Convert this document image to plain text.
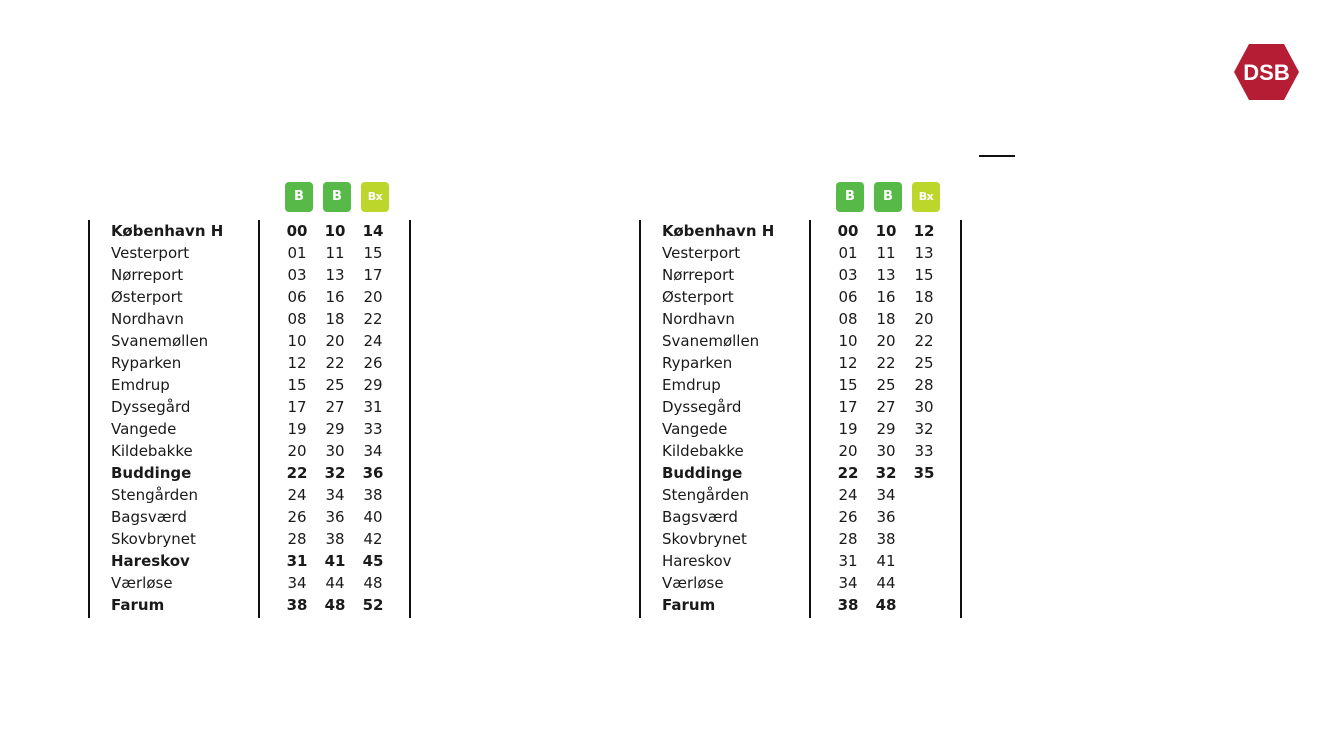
DSB
B	B	Bx
København H	00	10	14
Vesterport	01	11	15
Nørreport	03	13	17
Østerport	06	16	20
Nordhavn	08	18	22
Svanemøllen	10	20	24
Ryparken	12	22	26
Emdrup	15	25	29
Dyssegård	17	27	31
Vangede	19	29	33
Kildebakke	20	30	34
Buddinge	22	32	36
Stengården	24	34	38
Bagsværd	26	36	40
Skovbrynet	28	38	42
Hareskov	31	41	45
Værløse	34	44	48
Farum	38	48	52
B	B	Bx
København H	00	10	12
Vesterport	01	11	13
Nørreport	03	13	15
Østerport	06	16	18
Nordhavn	08	18	20
Svanemøllen	10	20	22
Ryparken	12	22	25
Emdrup	15	25	28
Dyssegård	17	27	30
Vangede	19	29	32
Kildebakke	20	30	33
Buddinge	22	32	35
Stengården	24	34
Bagsværd	26	36
Skovbrynet	28	38
Hareskov	31	41
Værløse	34	44
Farum	38	48
